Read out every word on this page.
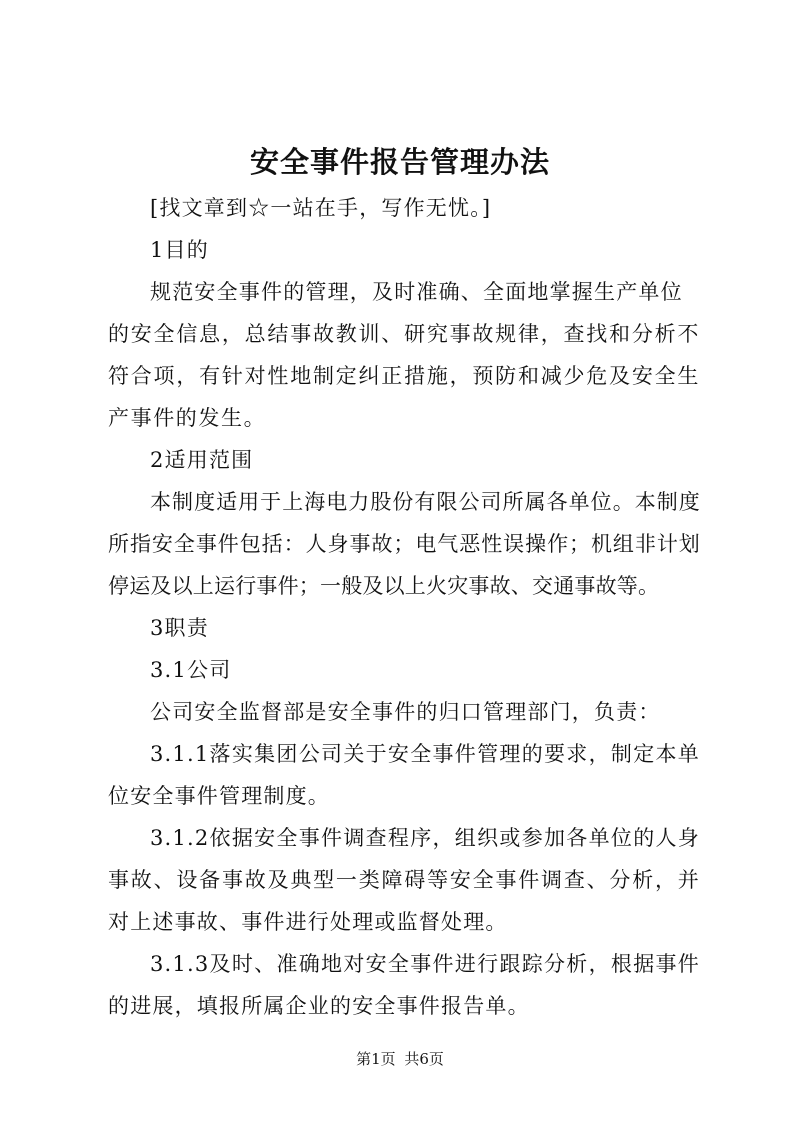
安全事件报告管理办法

[找文章到☆一站在手，写作无忧。]

1目的

规范安全事件的管理，及时准确、全面地掌握生产单位

的安全信息，总结事故教训、研究事故规律，查找和分析不符合项，有针对性地制定纠正措施，预防和减少危及安全生产事件的发生。

2适用范围

本制度适用于上海电力股份有限公司所属各单位。本制度所指安全事件包括：人身事故；电气恶性误操作；机组非计划停运及以上运行事件；一般及以上火灾事故、交通事故等。

3职责

3.1公司

公司安全监督部是安全事件的归口管理部门，负责：

3.1.1落实集团公司关于安全事件管理的要求，制定本单位安全事件管理制度。

3.1.2依据安全事件调查程序，组织或参加各单位的人身事故、设备事故及典型一类障碍等安全事件调查、分析，并对上述事故、事件进行处理或监督处理。

3.1.3及时、准确地对安全事件进行跟踪分析，根据事件的进展，填报所属企业的安全事件报告单。

第1页 共6页
